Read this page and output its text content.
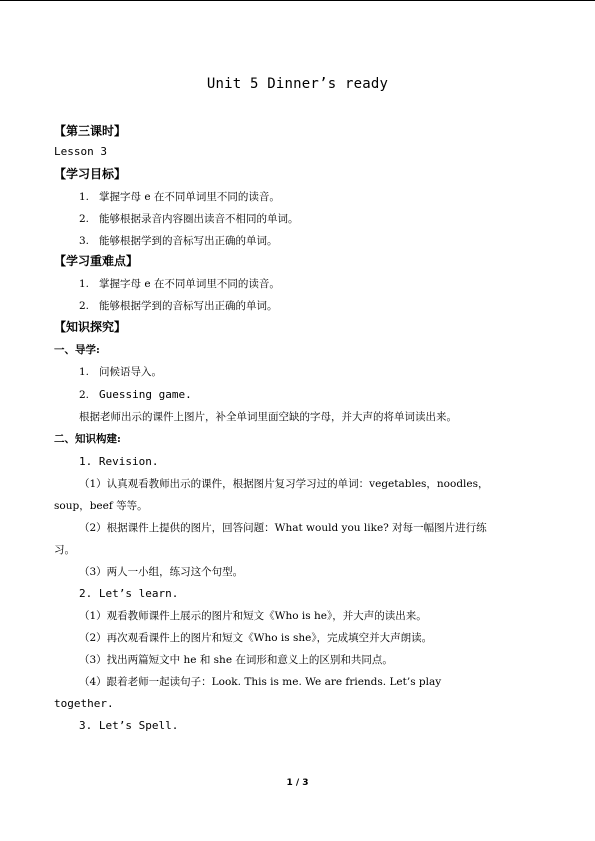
Unit 5 Dinner’s ready
【第三课时】
Lesson 3
【学习目标】
1. 掌握字母 e 在不同单词里不同的读音。
2. 能够根据录音内容圈出读音不相同的单词。
3. 能够根据学到的音标写出正确的单词。
【学习重难点】
1. 掌握字母 e 在不同单词里不同的读音。
2. 能够根据学到的音标写出正确的单词。
【知识探究】
一、导学:
1. 问候语导入。
2. Guessing game.
根据老师出示的课件上图片，补全单词里面空缺的字母，并大声的将单词读出来。
二、知识构建:
1. Revision.
（1）认真观看教师出示的课件，根据图片复习学习过的单词：vegetables，noodles，
soup，beef 等等。
（2）根据课件上提供的图片，回答问题：What would you like? 对每一幅图片进行练
习。
（3）两人一小组，练习这个句型。
2. Let’s learn.
（1）观看教师课件上展示的图片和短文《Who is he》，并大声的读出来。
（2）再次观看课件上的图片和短文《Who is she》，完成填空并大声朗读。
（3）找出两篇短文中 he 和 she 在词形和意义上的区别和共同点。
（4）跟着老师一起读句子：Look. This is me. We are friends. Let’s play
together.
3. Let’s Spell.
1 / 3
